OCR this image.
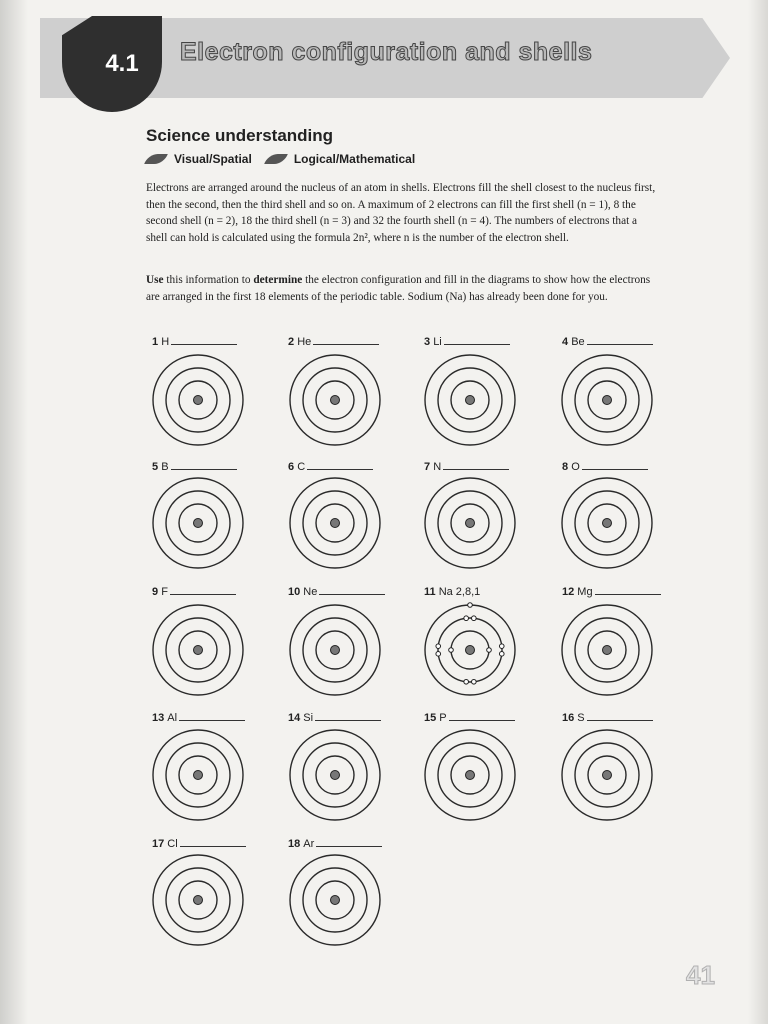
4.1	Electron configuration and shells
Science understanding
Visual/Spatial	Logical/Mathematical
Electrons are arranged around the nucleus of an atom in shells. Electrons fill the shell closest to the nucleus first, then the second, then the third shell and so on. A maximum of 2 electrons can fill the first shell (n = 1), 8 the second shell (n = 2), 18 the third shell (n = 3) and 32 the fourth shell (n = 4). The numbers of electrons that a shell can hold is calculated using the formula 2n², where n is the number of the electron shell.
Use this information to determine the electron configuration and fill in the diagrams to show how the electrons are arranged in the first 18 elements of the periodic table. Sodium (Na) has already been done for you.
1 H	2 He	3 Li	4 Be
5 B	6 C	7 N	8 O
9 F	10 Ne	11 Na 2,8,1	12 Mg
13 Al	14 Si	15 P	16 S
17 Cl	18 Ar
41
